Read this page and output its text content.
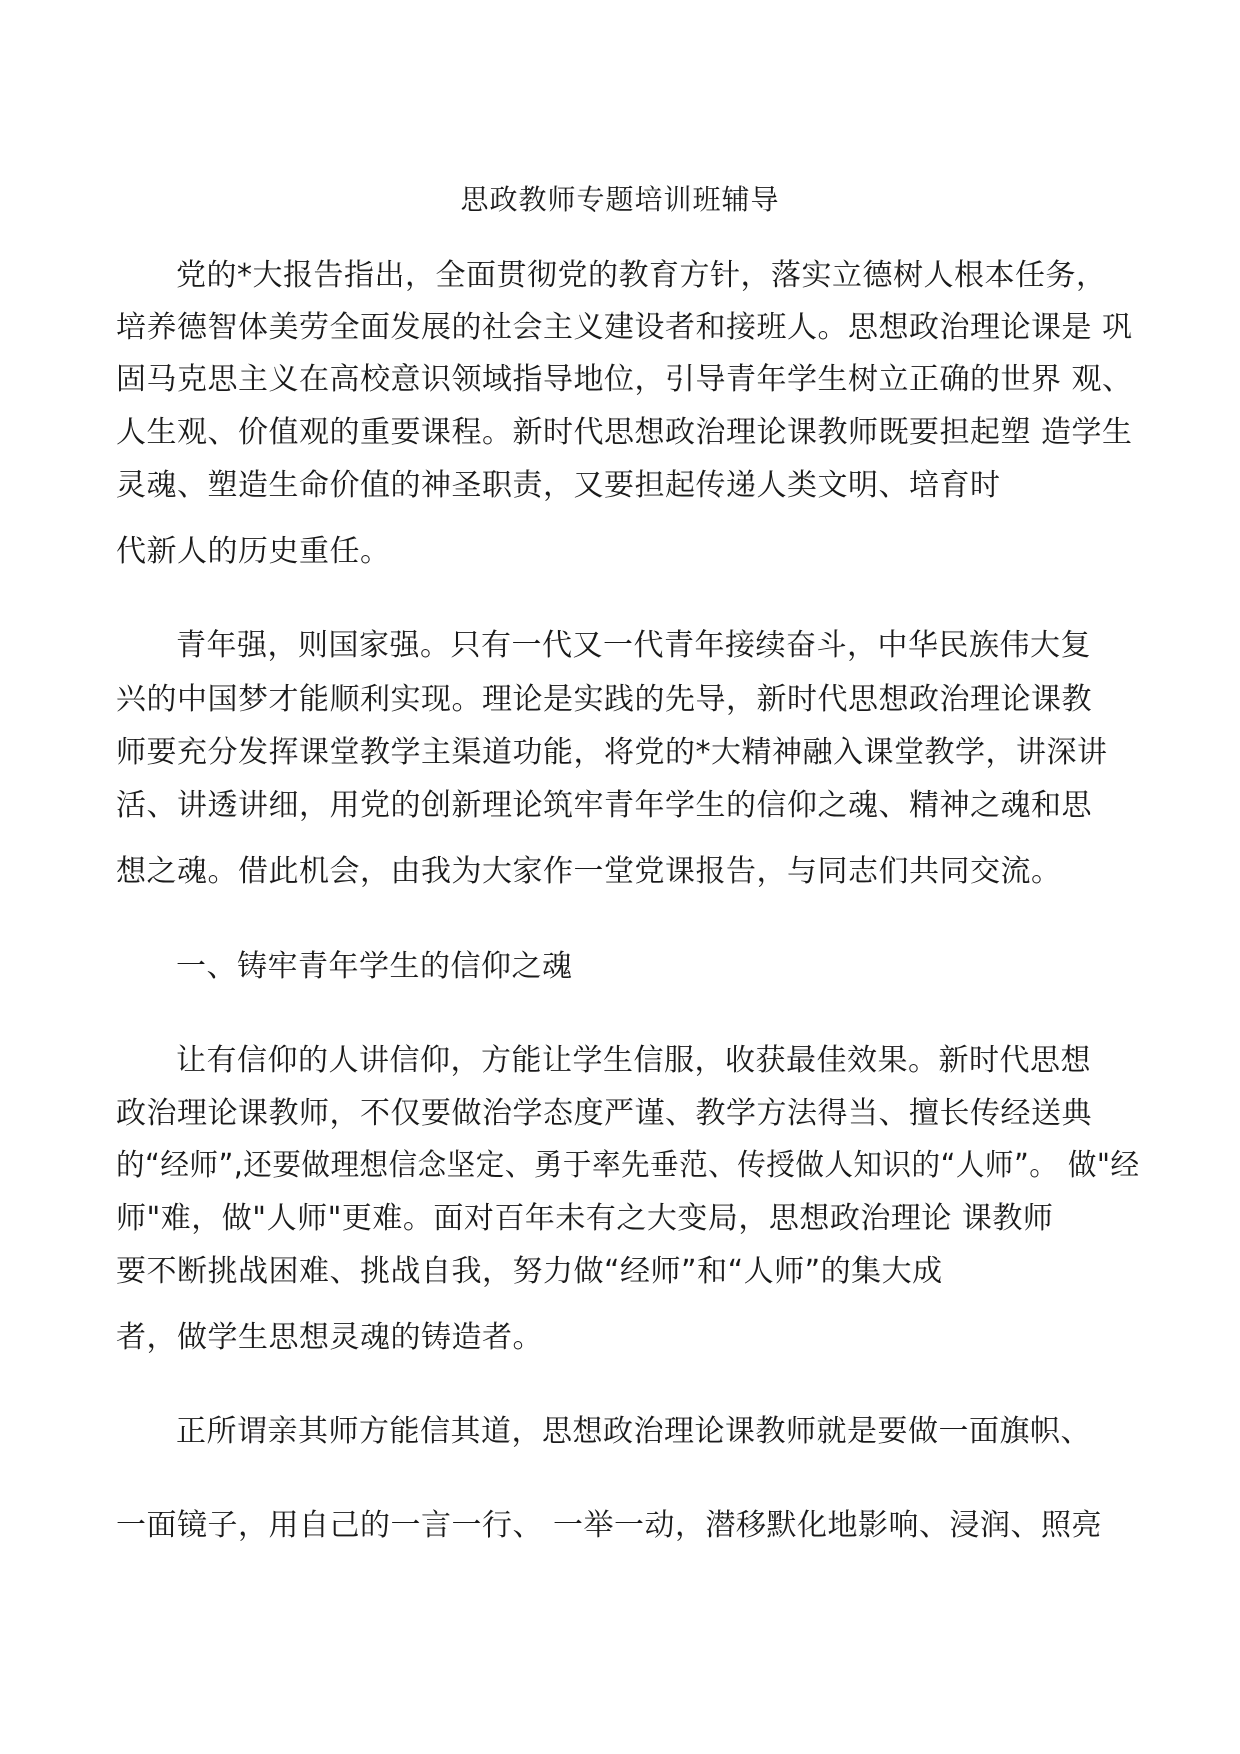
思政教师专题培训班辅导
党的*大报告指出，全面贯彻党的教育方针，落实立德树人根本任务，
培养德智体美劳全面发展的社会主义建设者和接班人。思想政治理论课是 巩
固马克思主义在高校意识领域指导地位，引导青年学生树立正确的世界 观、
人生观、价值观的重要课程。新时代思想政治理论课教师既要担起塑 造学生
灵魂、塑造生命价值的神圣职责，又要担起传递人类文明、培育时
代新人的历史重任。
青年强，则国家强。只有一代又一代青年接续奋斗，中华民族伟大复
兴的中国梦才能顺利实现。理论是实践的先导，新时代思想政治理论课教
师要充分发挥课堂教学主渠道功能，将党的*大精神融入课堂教学，讲深讲
活、讲透讲细，用党的创新理论筑牢青年学生的信仰之魂、精神之魂和思
想之魂。借此机会，由我为大家作一堂党课报告，与同志们共同交流。
一、铸牢青年学生的信仰之魂
让有信仰的人讲信仰，方能让学生信服，收获最佳效果。新时代思想
政治理论课教师，不仅要做治学态度严谨、教学方法得当、擅长传经送典
的“经师”,还要做理想信念坚定、勇于率先垂范、传授做人知识的“人师”。 做"经
师"难，做"人师"更难。面对百年未有之大变局，思想政治理论 课教师
要不断挑战困难、挑战自我，努力做“经师”和“人师”的集大成
者，做学生思想灵魂的铸造者。
正所谓亲其师方能信其道，思想政治理论课教师就是要做一面旗帜、
一面镜子，用自己的一言一行、 一举一动，潜移默化地影响、浸润、照亮
